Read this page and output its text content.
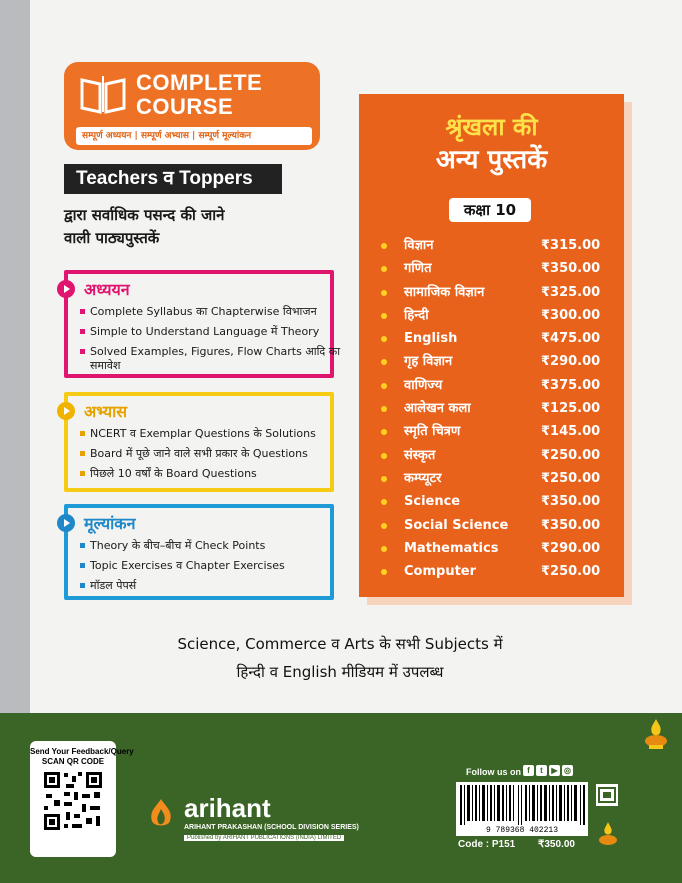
COMPLETE
COURSE
सम्पूर्ण अध्ययन | सम्पूर्ण अभ्यास | सम्पूर्ण मूल्यांकन
Teachers व Toppers
द्वारा सर्वाधिक पसन्द की जाने
वाली पाठ्यपुस्तकें
अध्ययन
Complete Syllabus का Chapterwise विभाजन
Simple to Understand Language में Theory
Solved Examples, Figures, Flow Charts आदि का समावेश
अभ्यास
NCERT व Exemplar Questions के Solutions
Board में पूछे जाने वाले सभी प्रकार के Questions
पिछले 10 वर्षों के Board Questions
मूल्यांकन
Theory के बीच–बीच में Check Points
Topic Exercises व Chapter Exercises
मॉडल पेपर्स
श्रृंखला की
अन्य पुस्तकें
कक्षा 10
विज्ञान	₹315.00
गणित	₹350.00
सामाजिक विज्ञान	₹325.00
हिन्दी	₹300.00
English	₹475.00
गृह विज्ञान	₹290.00
वाणिज्य	₹375.00
आलेखन कला	₹125.00
स्मृति चित्रण	₹145.00
संस्कृत	₹250.00
कम्प्यूटर	₹250.00
Science	₹350.00
Social Science	₹350.00
Mathematics	₹290.00
Computer	₹250.00
Science, Commerce व Arts के सभी Subjects में
हिन्दी व English मीडियम में उपलब्ध
Send Your Feedback/Query
SCAN QR CODE
arihant
ARIHANT PRAKASHAN (SCHOOL DIVISION SERIES)
Published by ARIHANT PUBLICATIONS (INDIA) LIMITED
Follow us on f	t	▶ ◎
9 789368 402213
Code : P151 ₹350.00
